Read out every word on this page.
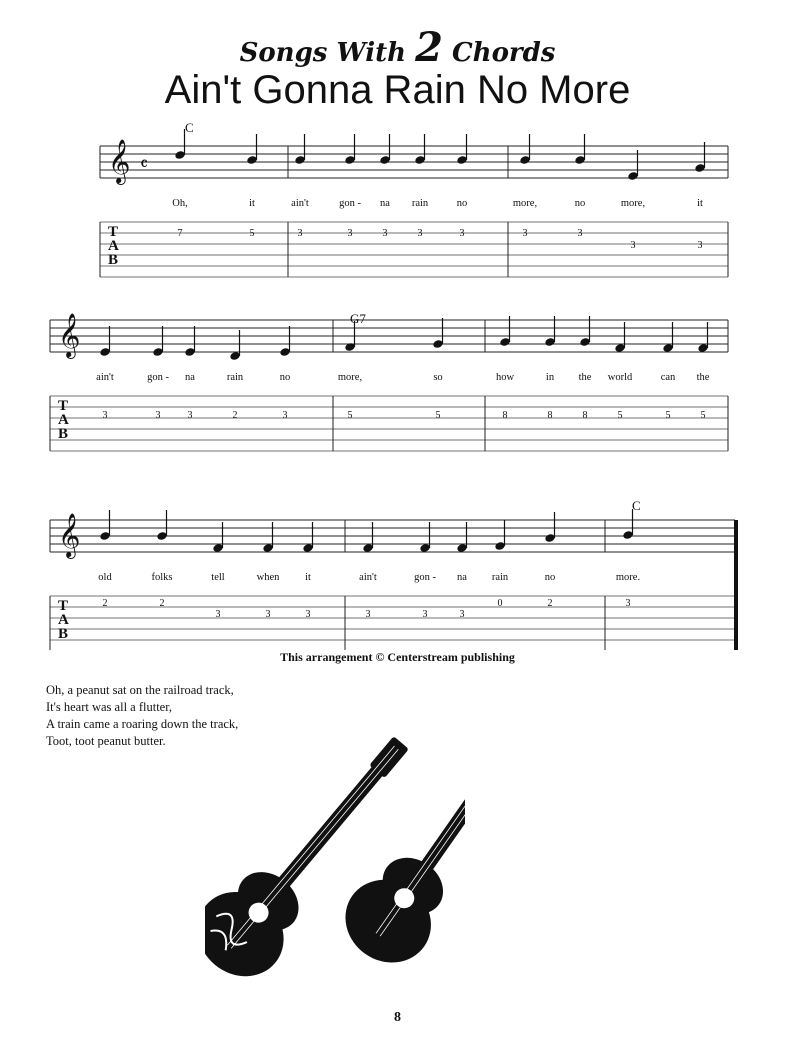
Songs With 2 Chords
Ain't Gonna Rain No More
𝄞 𝄴
T
A
B
C
Oh,
7
it
5
ain't
3
gon -
3
na
3
rain
3
no
3
more,
3
no
3
more,
3
it
3
𝄞
T
A
B
G7
ain't
3
gon -
3
na
3
rain
2
no
3
more,
5
so
5
how
8
in
8
the
8
world
5
can
5
the
5
𝄞
T
A
B
C
old
2
folks
2
tell
3
when
3
it
3
ain't
3
gon -
3
na
3
rain
0
no
2
more.
3
This arrangement © Centerstream publishing
Oh, a peanut sat on the railroad track,
It's heart was all a flutter,
A train came a roaring down the track,
Toot, toot peanut butter.
8
